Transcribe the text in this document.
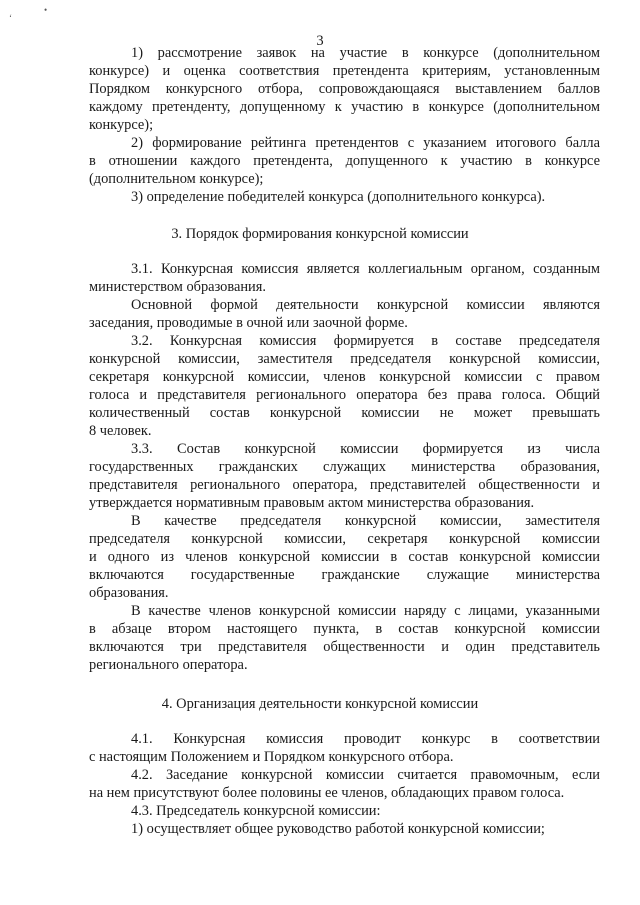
ʻ
•
3
1) рассмотрение заявок на участие в конкурсе (дополнительном
конкурсе) и оценка соответствия претендента критериям, установленным
Порядком конкурсного отбора, сопровождающаяся выставлением баллов
каждому претенденту, допущенному к участию в конкурсе (дополнительном
конкурсе);
2) формирование рейтинга претендентов с указанием итогового балла
в отношении каждого претендента, допущенного к участию в конкурсе
(дополнительном конкурсе);
3) определение победителей конкурса (дополнительного конкурса).
3. Порядок формирования конкурсной комиссии
3.1. Конкурсная комиссия является коллегиальным органом, созданным
министерством образования.
Основной формой деятельности конкурсной комиссии являются
заседания, проводимые в очной или заочной форме.
3.2. Конкурсная комиссия формируется в составе председателя
конкурсной комиссии, заместителя председателя конкурсной комиссии,
секретаря конкурсной комиссии, членов конкурсной комиссии с правом
голоса и представителя регионального оператора без права голоса. Общий
количественный состав конкурсной комиссии не может превышать
8 человек.
3.3. Состав конкурсной комиссии формируется из числа
государственных гражданских служащих министерства образования,
представителя регионального оператора, представителей общественности и
утверждается нормативным правовым актом министерства образования.
В качестве председателя конкурсной комиссии, заместителя
председателя конкурсной комиссии, секретаря конкурсной комиссии
и одного из членов конкурсной комиссии в состав конкурсной комиссии
включаются государственные гражданские служащие министерства
образования.
В качестве членов конкурсной комиссии наряду с лицами, указанными
в абзаце втором настоящего пункта, в состав конкурсной комиссии
включаются три представителя общественности и один представитель
регионального оператора.
4. Организация деятельности конкурсной комиссии
4.1. Конкурсная комиссия проводит конкурс в соответствии
с настоящим Положением и Порядком конкурсного отбора.
4.2. Заседание конкурсной комиссии считается правомочным, если
на нем присутствуют более половины ее членов, обладающих правом голоса.
4.3. Председатель конкурсной комиссии:
1) осуществляет общее руководство работой конкурсной комиссии;
